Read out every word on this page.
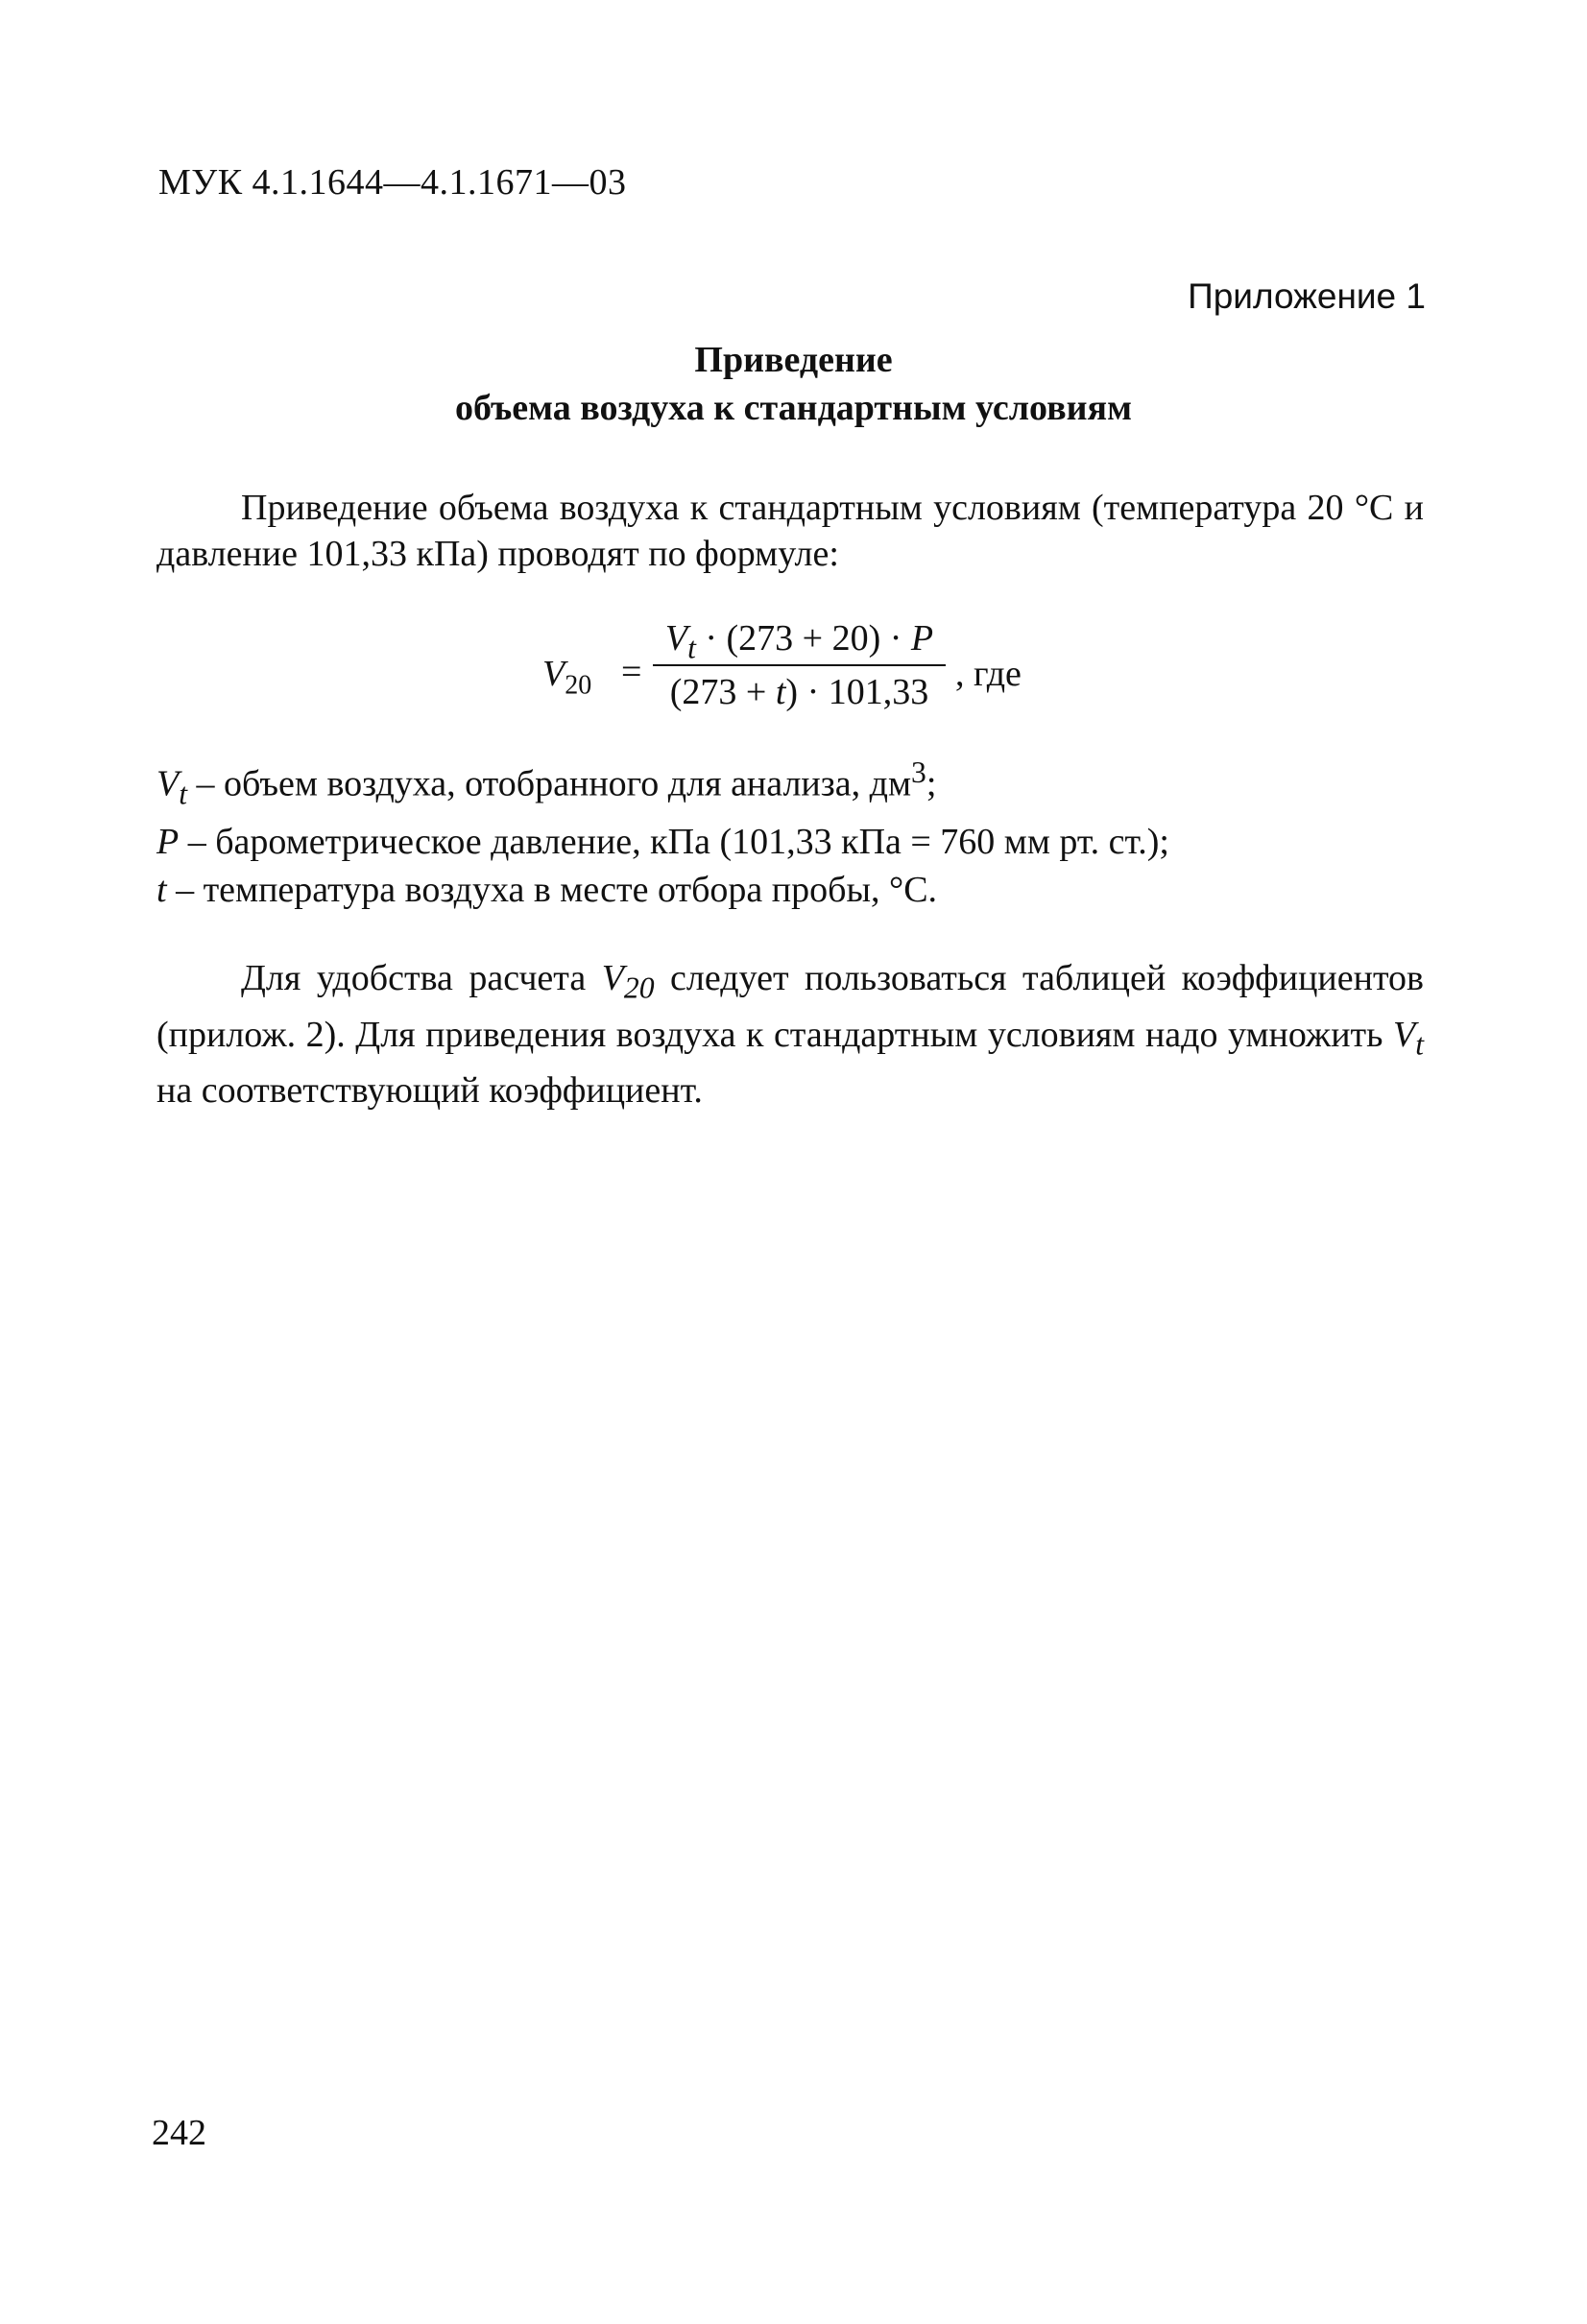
МУК 4.1.1644—4.1.1671—03
Приложение 1
Приведение
объема воздуха к стандартным условиям
Приведение объема воздуха к стандартным условиям (температура 20 °С и давление 101,33 кПа) проводят по формуле:
$V_{20}$ =
$V_t \cdot (273 + 20) \cdot P$
(273 + t) · 101,33 , где
$V_t$ – объем воздуха, отобранного для анализа, $дм^3$;
P – барометрическое давление, кПа (101,33 кПа = 760 мм рт. ст.);
t – температура воздуха в месте отбора пробы, °С.
Для удобства расчета $V_{20}$ следует пользоваться таблицей коэффициентов (прилож. 2). Для приведения воздуха к стандартным условиям надо умножить $V_t$ на соответствующий коэффициент.
242
